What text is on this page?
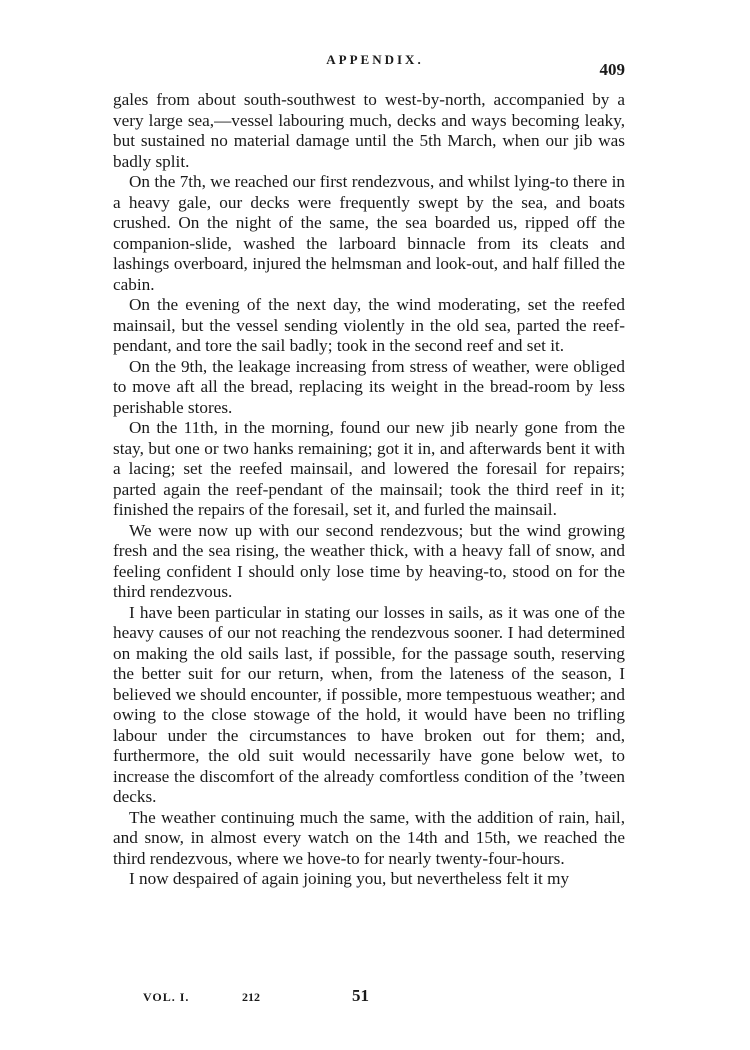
APPENDIX.
409

gales from about south-southwest to west-by-north, accompanied by a very large sea,—vessel labouring much, decks and ways becoming leaky, but sustained no material damage until the 5th March, when our jib was badly split.

On the 7th, we reached our first rendezvous, and whilst lying-to there in a heavy gale, our decks were frequently swept by the sea, and boats crushed. On the night of the same, the sea boarded us, ripped off the companion-slide, washed the larboard binnacle from its cleats and lashings overboard, injured the helmsman and look-out, and half filled the cabin.

On the evening of the next day, the wind moderating, set the reefed mainsail, but the vessel sending violently in the old sea, parted the reef-pendant, and tore the sail badly; took in the second reef and set it.

On the 9th, the leakage increasing from stress of weather, were obliged to move aft all the bread, replacing its weight in the bread-room by less perishable stores.

On the 11th, in the morning, found our new jib nearly gone from the stay, but one or two hanks remaining; got it in, and afterwards bent it with a lacing; set the reefed mainsail, and lowered the foresail for repairs; parted again the reef-pendant of the mainsail; took the third reef in it; finished the repairs of the foresail, set it, and furled the mainsail.

We were now up with our second rendezvous; but the wind growing fresh and the sea rising, the weather thick, with a heavy fall of snow, and feeling confident I should only lose time by heaving-to, stood on for the third rendezvous.

I have been particular in stating our losses in sails, as it was one of the heavy causes of our not reaching the rendezvous sooner. I had determined on making the old sails last, if possible, for the passage south, reserving the better suit for our return, when, from the lateness of the season, I believed we should encounter, if possible, more tempestuous weather; and owing to the close stowage of the hold, it would have been no trifling labour under the circumstances to have broken out for them; and, furthermore, the old suit would necessarily have gone below wet, to increase the discomfort of the already comfortless condition of the ’tween decks.

The weather continuing much the same, with the addition of rain, hail, and snow, in almost every watch on the 14th and 15th, we reached the third rendezvous, where we hove-to for nearly twenty-four-hours.

I now despaired of again joining you, but nevertheless felt it my

VOL. I.	212	51
